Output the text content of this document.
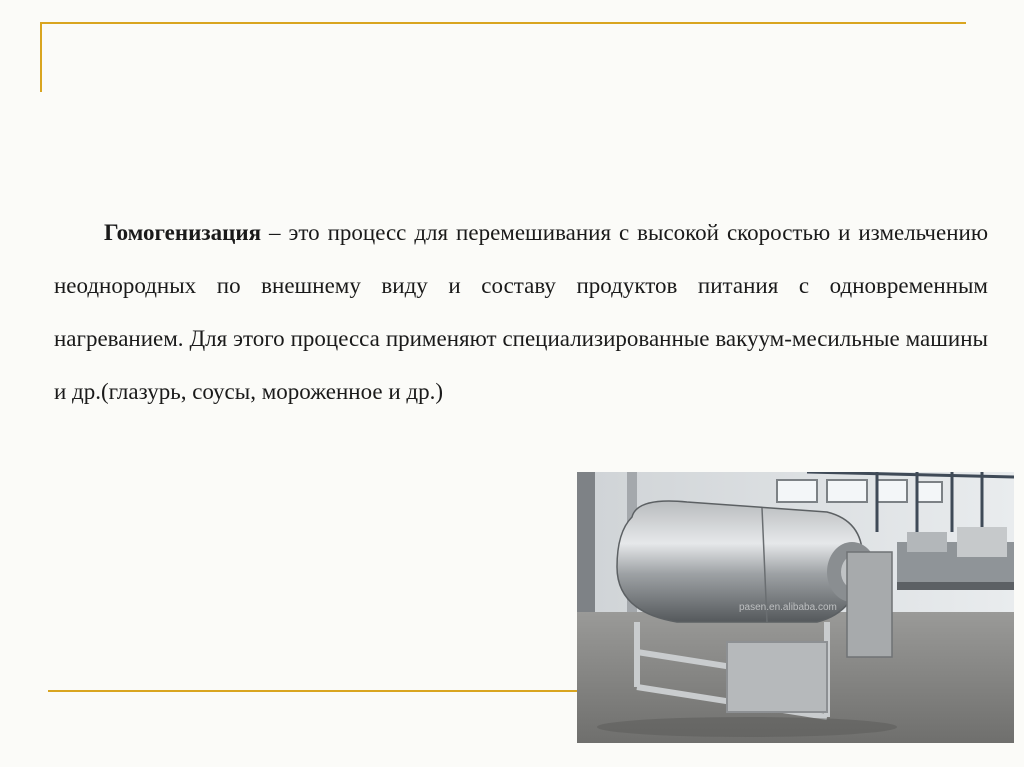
Гомогенизация – это процесс для перемешивания с высокой скоростью и измельчению неоднородных по внешнему виду и составу продуктов питания с одновременным нагреванием. Для этого процесса применяют специализированные вакуум-месильные машины и др.(глазурь, соусы, мороженное и др.)

pasen.en.alibaba.com
